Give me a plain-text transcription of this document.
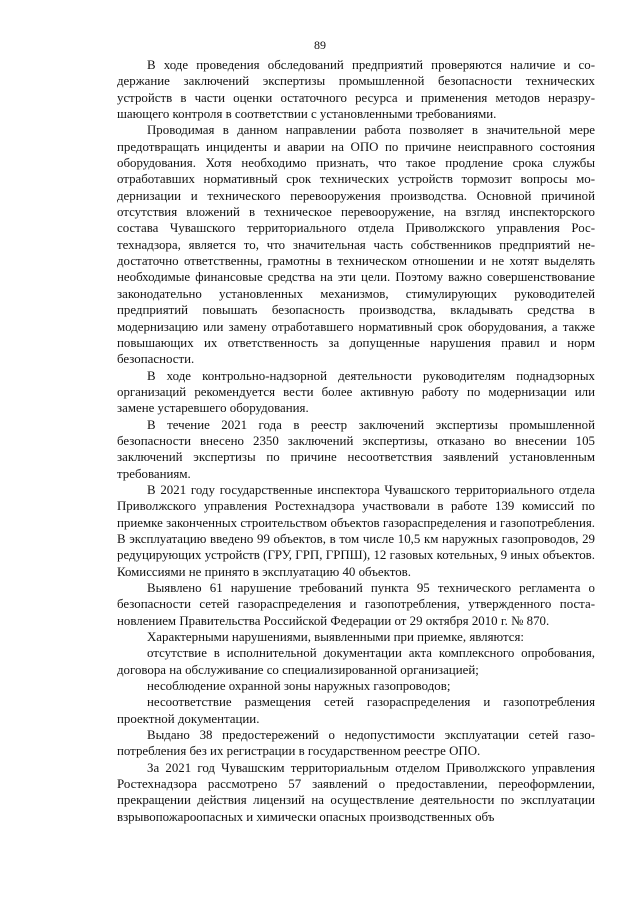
89

В ходе проведения обследований предприятий проверяются наличие и содержание заключений экспертизы промышленной безопасности технических устройств в части оценки остаточного ресурса и применения методов неразрушающего контроля в соответствии с установленными требованиями.

Проводимая в данном направлении работа позволяет в значительной мере предотвращать инциденты и аварии на ОПО по причине неисправного состояния оборудования. Хотя необходимо признать, что такое продление срока службы отработавших нормативный срок технических устройств тормозит вопросы модернизации и технического перевооружения производства. Основной причиной отсутствия вложений в техническое перевооружение, на взгляд инспекторского состава Чувашского территориального отдела Приволжского управления Ростехнадзора, является то, что значительная часть собственников предприятий недостаточно ответственны, грамотны в техническом отношении и не хотят выделять необходимые финансовые средства на эти цели. Поэтому важно совершенствование законодательно установленных механизмов, стимулирующих руководителей предприятий повышать безопасность производства, вкладывать средства в модернизацию или замену отработавшего нормативный срок оборудования, а также повышающих их ответственность за допущенные нарушения правил и норм безопасности.

В ходе контрольно-надзорной деятельности руководителям поднадзорных организаций рекомендуется вести более активную работу по модернизации или замене устаревшего оборудования.

В течение 2021 года в реестр заключений экспертизы промышленной безопасности внесено 2350 заключений экспертизы, отказано во внесении 105 заключений экспертизы по причине несоответствия заявлений установленным требованиям.

В 2021 году государственные инспектора Чувашского территориального отдела Приволжского управления Ростехнадзора участвовали в работе 139 комиссий по приемке законченных строительством объектов газораспределения и газопотребления. В эксплуатацию введено 99 объектов, в том числе 10,5 км наружных газопроводов, 29 редуцирующих устройств (ГРУ, ГРП, ГРПШ), 12 газовых котельных, 9 иных объектов. Комиссиями не принято в эксплуатацию 40 объектов.

Выявлено 61 нарушение требований пункта 95 технического регламента о безопасности сетей газораспределения и газопотребления, утвержденного постановлением Правительства Российской Федерации от 29 октября 2010 г. № 870.

Характерными нарушениями, выявленными при приемке, являются:

отсутствие в исполнительной документации акта комплексного опробования, договора на обслуживание со специализированной организацией;

несоблюдение охранной зоны наружных газопроводов;

несоответствие размещения сетей газораспределения и газопотребления проектной документации.

Выдано 38 предостережений о недопустимости эксплуатации сетей газопотребления без их регистрации в государственном реестре ОПО.

За 2021 год Чувашским территориальным отделом Приволжского управления Ростехнадзора рассмотрено 57 заявлений о предоставлении, переоформлении, прекращении действия лицензий на осуществление деятельности по эксплуатации взрывопожароопасных и химически опасных производственных объ
